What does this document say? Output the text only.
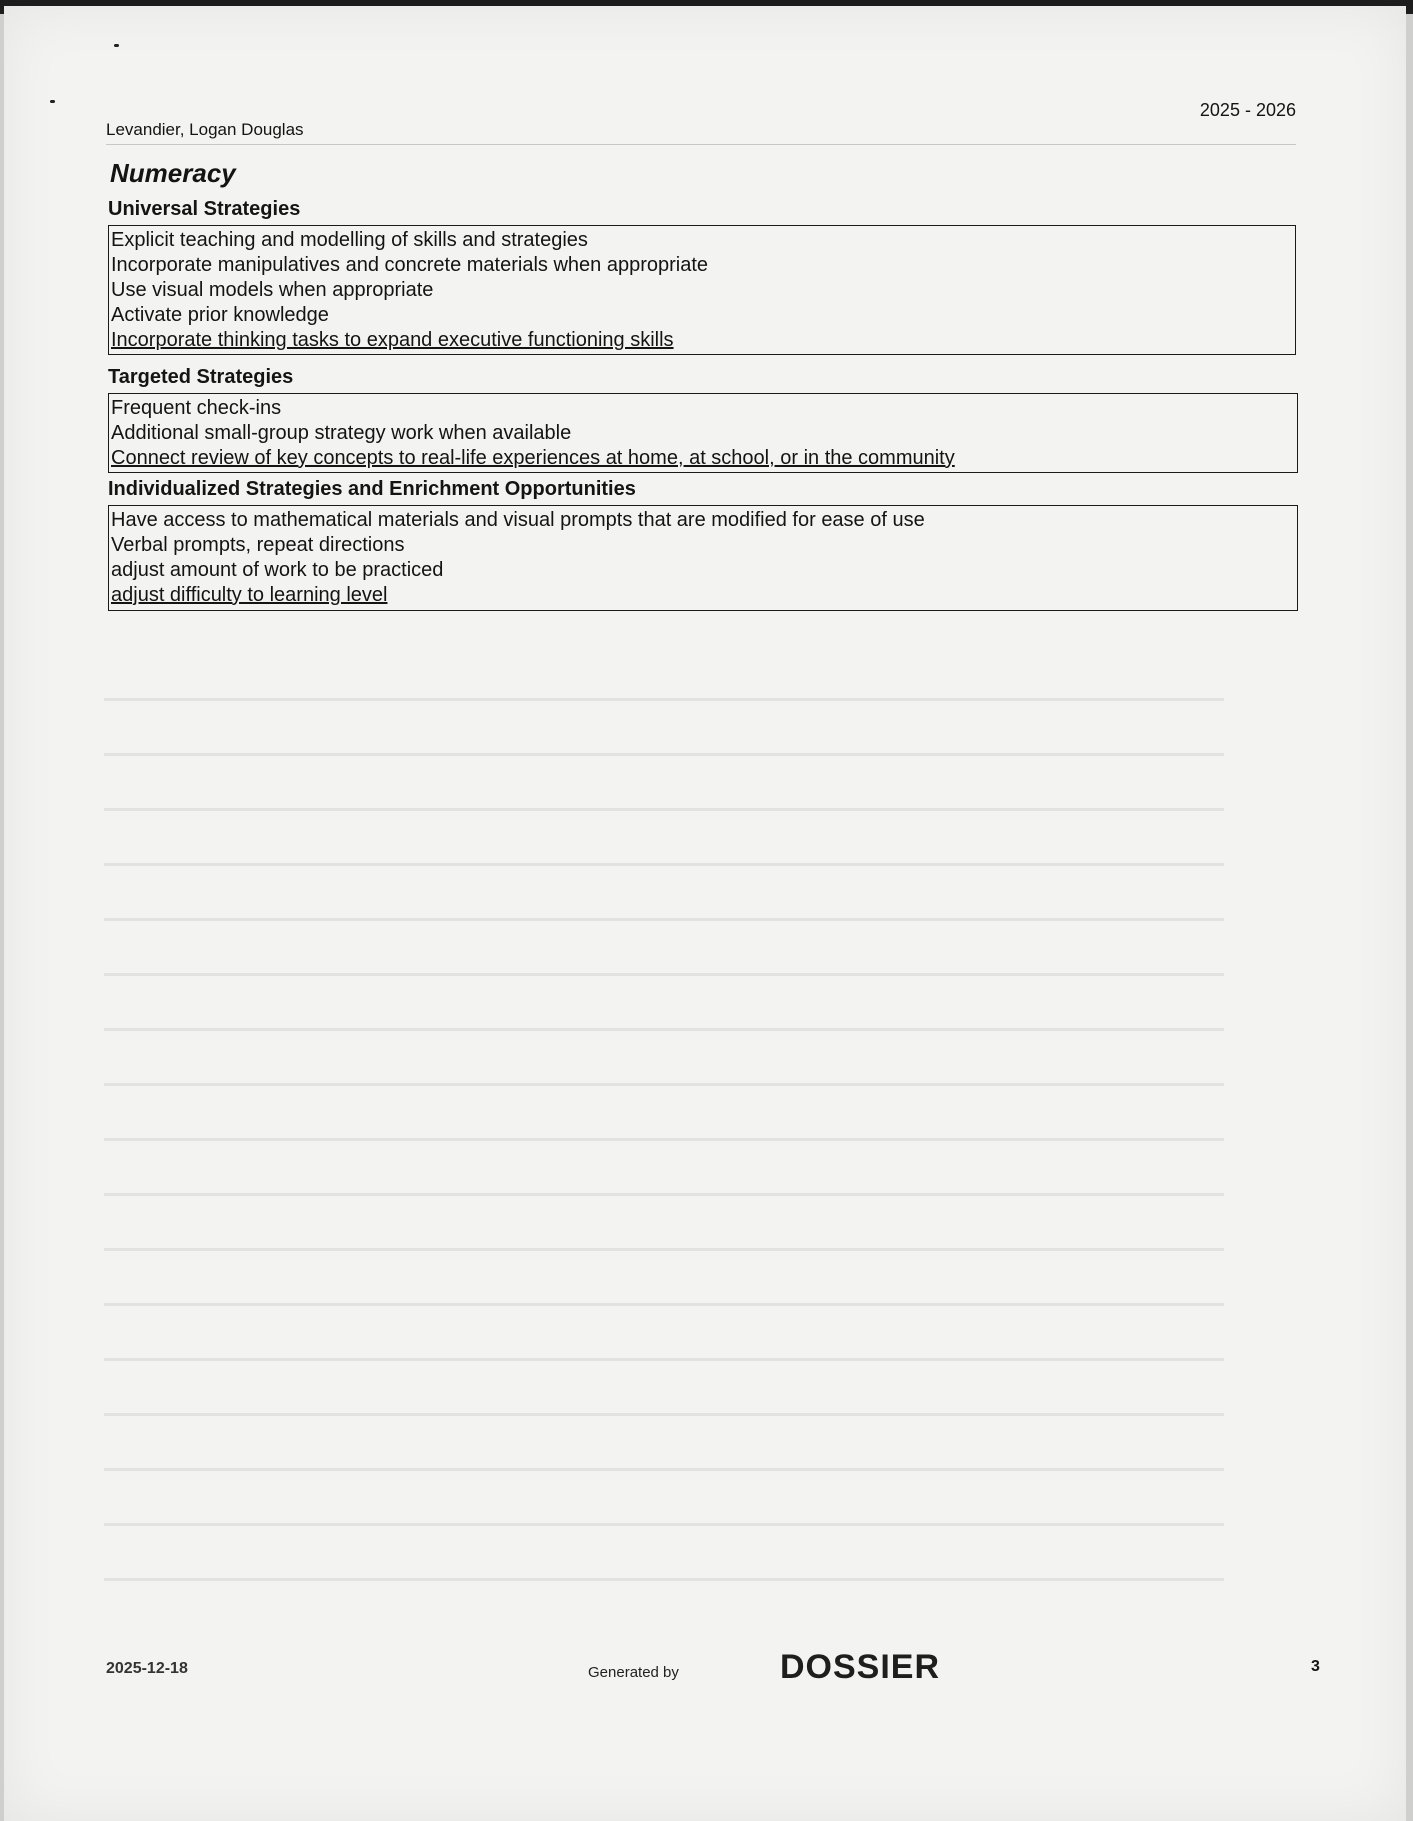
Levandier, Logan Douglas
2025 - 2026
Numeracy
Universal Strategies
Explicit teaching and modelling of skills and strategies
Incorporate manipulatives and concrete materials when appropriate
Use visual models when appropriate
Activate prior knowledge
Incorporate thinking tasks to expand executive functioning skills
Targeted Strategies
Frequent check-ins
Additional small-group strategy work when available
Connect review of key concepts to real-life experiences at home, at school, or in the community
Individualized Strategies and Enrichment Opportunities
Have access to mathematical materials and visual prompts that are modified for ease of use
Verbal prompts, repeat directions
adjust amount of work to be practiced
adjust difficulty to learning level
2025-12-18	Generated by	DOSSIER	3
